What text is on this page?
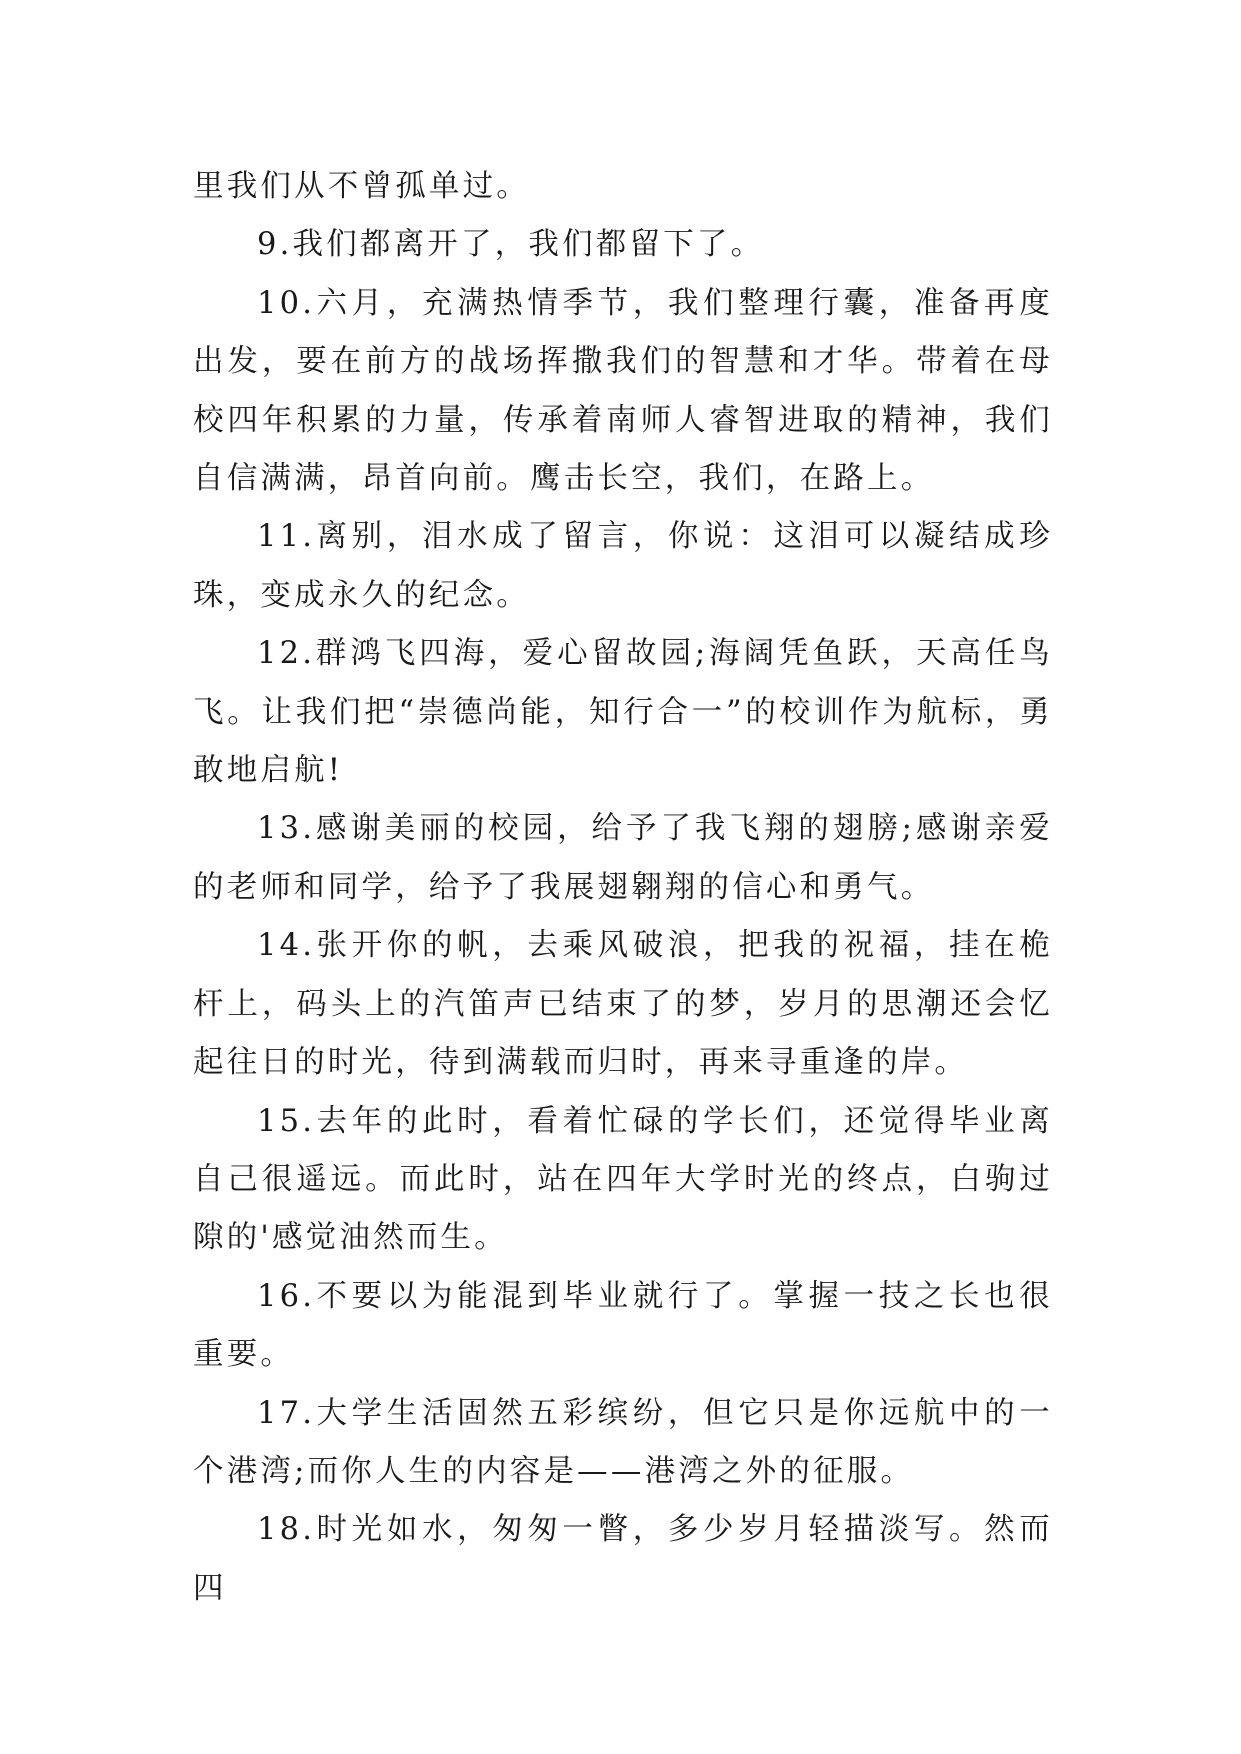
里我们从不曾孤单过。

9.我们都离开了，我们都留下了。

10.六月，充满热情季节，我们整理行囊，准备再度出发，要在前方的战场挥撒我们的智慧和才华。带着在母校四年积累的力量，传承着南师人睿智进取的精神，我们自信满满，昂首向前。鹰击长空，我们，在路上。

11.离别，泪水成了留言，你说：这泪可以凝结成珍珠，变成永久的纪念。

12.群鸿飞四海，爱心留故园;海阔凭鱼跃，天高任鸟飞。让我们把“崇德尚能，知行合一”的校训作为航标，勇敢地启航!

13.感谢美丽的校园，给予了我飞翔的翅膀;感谢亲爱的老师和同学，给予了我展翅翱翔的信心和勇气。

14.张开你的帆，去乘风破浪，把我的祝福，挂在桅杆上，码头上的汽笛声已结束了的梦，岁月的思潮还会忆起往日的时光，待到满载而归时，再来寻重逢的岸。

15.去年的此时，看着忙碌的学长们，还觉得毕业离自己很遥远。而此时，站在四年大学时光的终点，白驹过隙的'感觉油然而生。

16.不要以为能混到毕业就行了。掌握一技之长也很重要。

17.大学生活固然五彩缤纷，但它只是你远航中的一个港湾;而你人生的内容是——港湾之外的征服。

18.时光如水，匆匆一瞥，多少岁月轻描淡写。然而四
